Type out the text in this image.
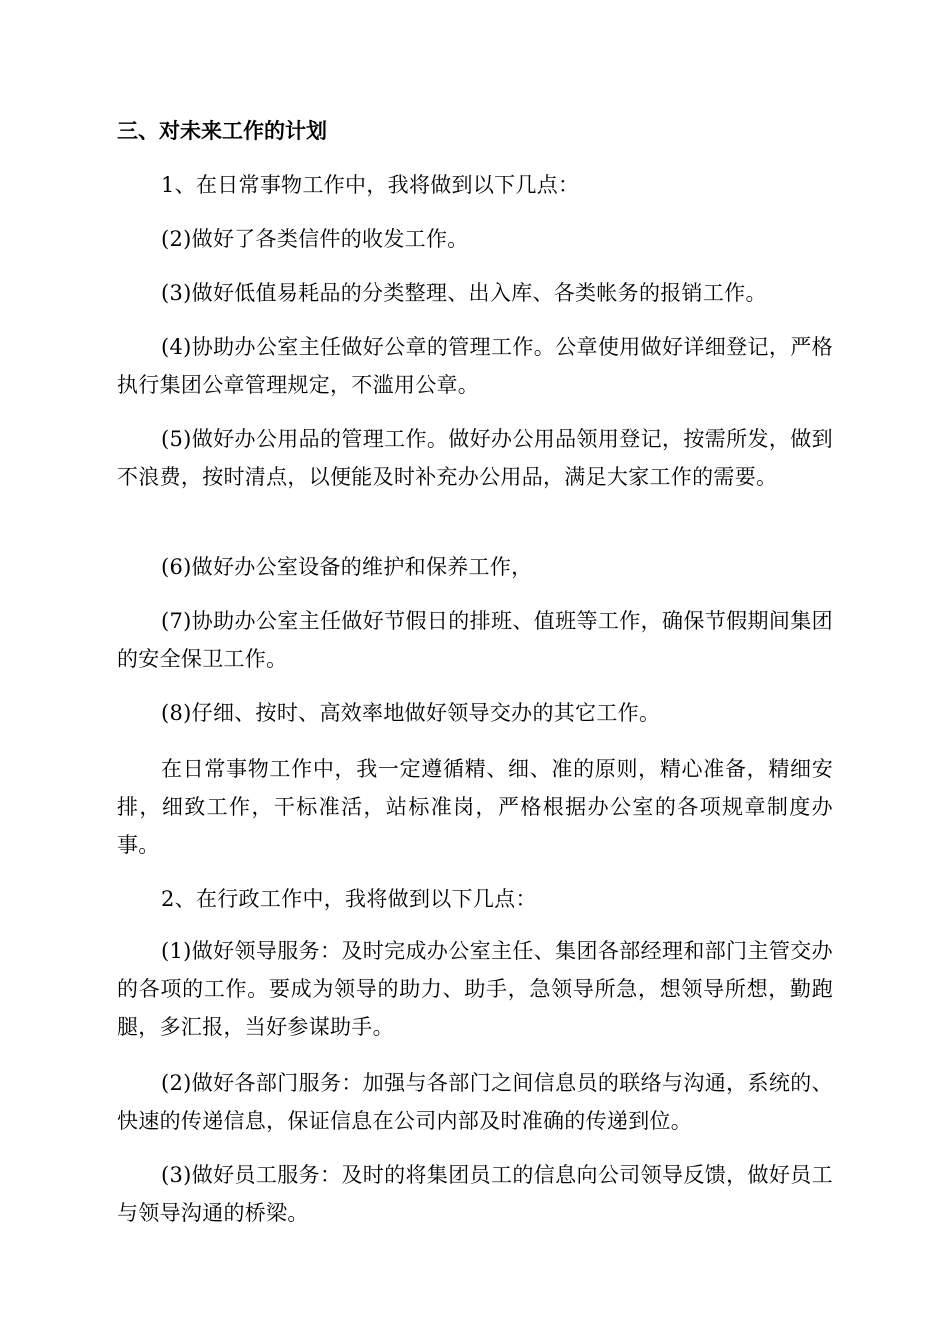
三、对未来工作的计划

1、在日常事物工作中，我将做到以下几点：

(2)做好了各类信件的收发工作。

(3)做好低值易耗品的分类整理、出入库、各类帐务的报销工作。

(4)协助办公室主任做好公章的管理工作。公章使用做好详细登记，严格执行集团公章管理规定，不滥用公章。

(5)做好办公用品的管理工作。做好办公用品领用登记，按需所发，做到不浪费，按时清点，以便能及时补充办公用品，满足大家工作的需要。

(6)做好办公室设备的维护和保养工作，

(7)协助办公室主任做好节假日的排班、值班等工作，确保节假期间集团的安全保卫工作。

(8)仔细、按时、高效率地做好领导交办的其它工作。

在日常事物工作中，我一定遵循精、细、准的原则，精心准备，精细安排，细致工作，干标准活，站标准岗，严格根据办公室的各项规章制度办事。

2、在行政工作中，我将做到以下几点：

(1)做好领导服务：及时完成办公室主任、集团各部经理和部门主管交办的各项的工作。要成为领导的助力、助手，急领导所急，想领导所想，勤跑腿，多汇报，当好参谋助手。

(2)做好各部门服务：加强与各部门之间信息员的联络与沟通，系统的、快速的传递信息，保证信息在公司内部及时准确的传递到位。

(3)做好员工服务：及时的将集团员工的信息向公司领导反馈，做好员工与领导沟通的桥梁。
